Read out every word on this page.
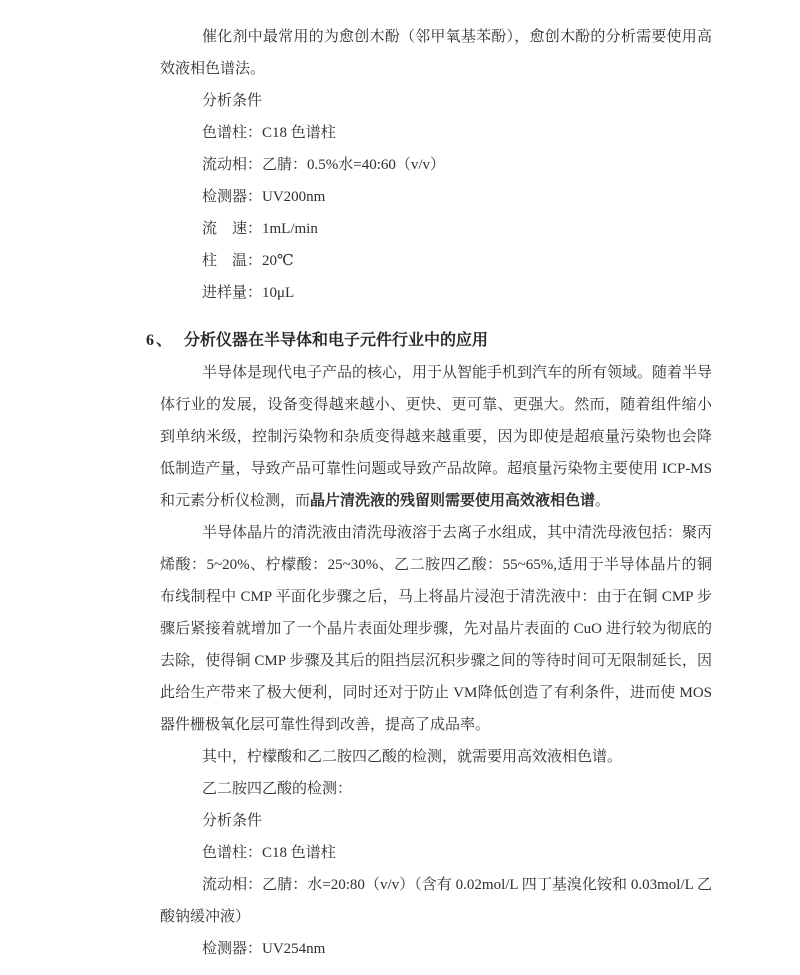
催化剂中最常用的为愈创木酚（邻甲氧基苯酚），愈创木酚的分析需要使用高效液相色谱法。

分析条件

色谱柱：C18 色谱柱

流动相：乙腈：0.5%水=40:60（v/v）

检测器：UV200nm

流　速：1mL/min

柱　温：20℃

进样量：10μL

6、 分析仪器在半导体和电子元件行业中的应用

半导体是现代电子产品的核心，用于从智能手机到汽车的所有领域。随着半导体行业的发展，设备变得越来越小、更快、更可靠、更强大。然而，随着组件缩小到单纳米级，控制污染物和杂质变得越来越重要，因为即使是超痕量污染物也会降低制造产量，导致产品可靠性问题或导致产品故障。超痕量污染物主要使用 ICP-MS 和元素分析仪检测，而晶片清洗液的残留则需要使用高效液相色谱。

半导体晶片的清洗液由清洗母液溶于去离子水组成，其中清洗母液包括：聚丙烯酸：5~20%、柠檬酸：25~30%、乙二胺四乙酸：55~65%,适用于半导体晶片的铜布线制程中 CMP 平面化步骤之后，马上将晶片浸泡于清洗液中：由于在铜 CMP 步骤后紧接着就增加了一个晶片表面处理步骤，先对晶片表面的 CuO 进行较为彻底的去除，使得铜 CMP 步骤及其后的阻挡层沉积步骤之间的等待时间可无限制延长，因此给生产带来了极大便利，同时还对于防止 VM降低创造了有利条件，进而使 MOS 器件栅极氧化层可靠性得到改善，提高了成品率。

其中，柠檬酸和乙二胺四乙酸的检测，就需要用高效液相色谱。

乙二胺四乙酸的检测：

分析条件

色谱柱：C18 色谱柱

流动相：乙腈：水=20:80（v/v）（含有 0.02mol/L 四丁基溴化铵和 0.03mol/L 乙酸钠缓冲液）

检测器：UV254nm
